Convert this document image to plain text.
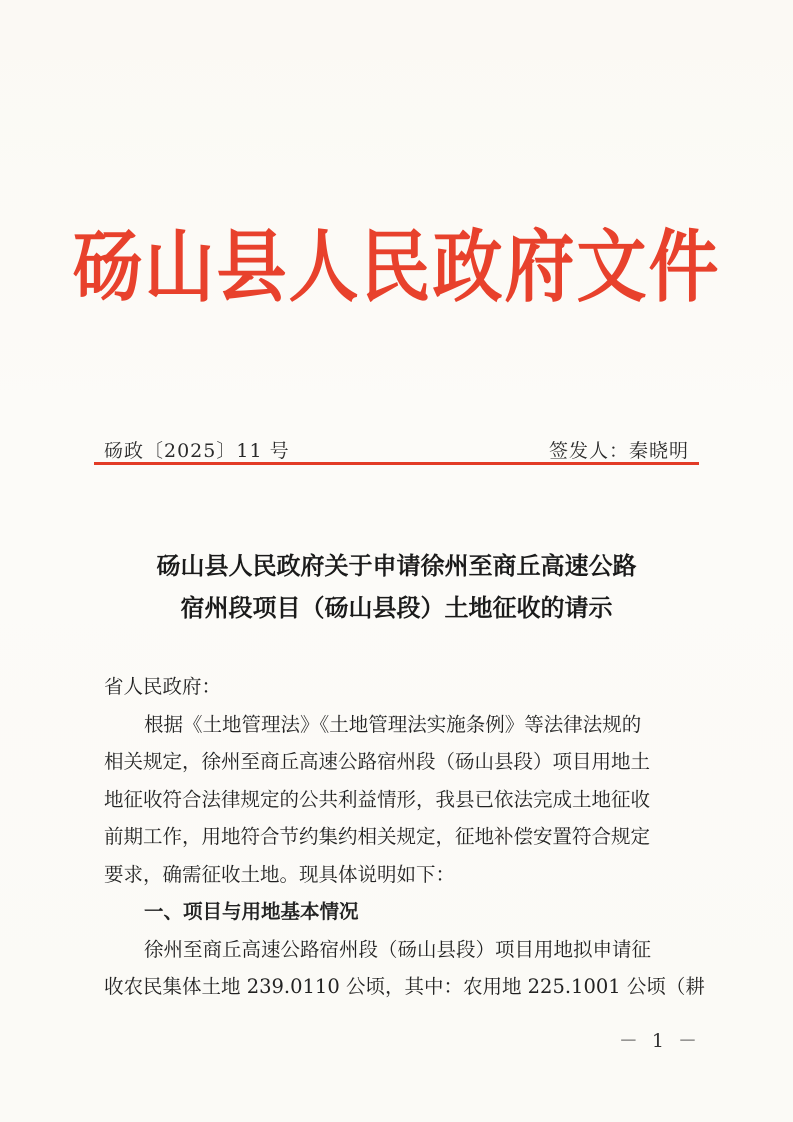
砀山县人民政府文件
砀政〔2025〕11 号	签发人：秦晓明
砀山县人民政府关于申请徐州至商丘高速公路
宿州段项目（砀山县段）土地征收的请示

省人民政府：

根据《土地管理法》《土地管理法实施条例》等法律法规的

相关规定，徐州至商丘高速公路宿州段（砀山县段）项目用地土

地征收符合法律规定的公共利益情形，我县已依法完成土地征收

前期工作，用地符合节约集约相关规定，征地补偿安置符合规定

要求，确需征收土地。现具体说明如下：

一、项目与用地基本情况

徐州至商丘高速公路宿州段（砀山县段）项目用地拟申请征

收农民集体土地 239.0110 公顷，其中：农用地 225.1001 公顷（耕

－ 1 －
